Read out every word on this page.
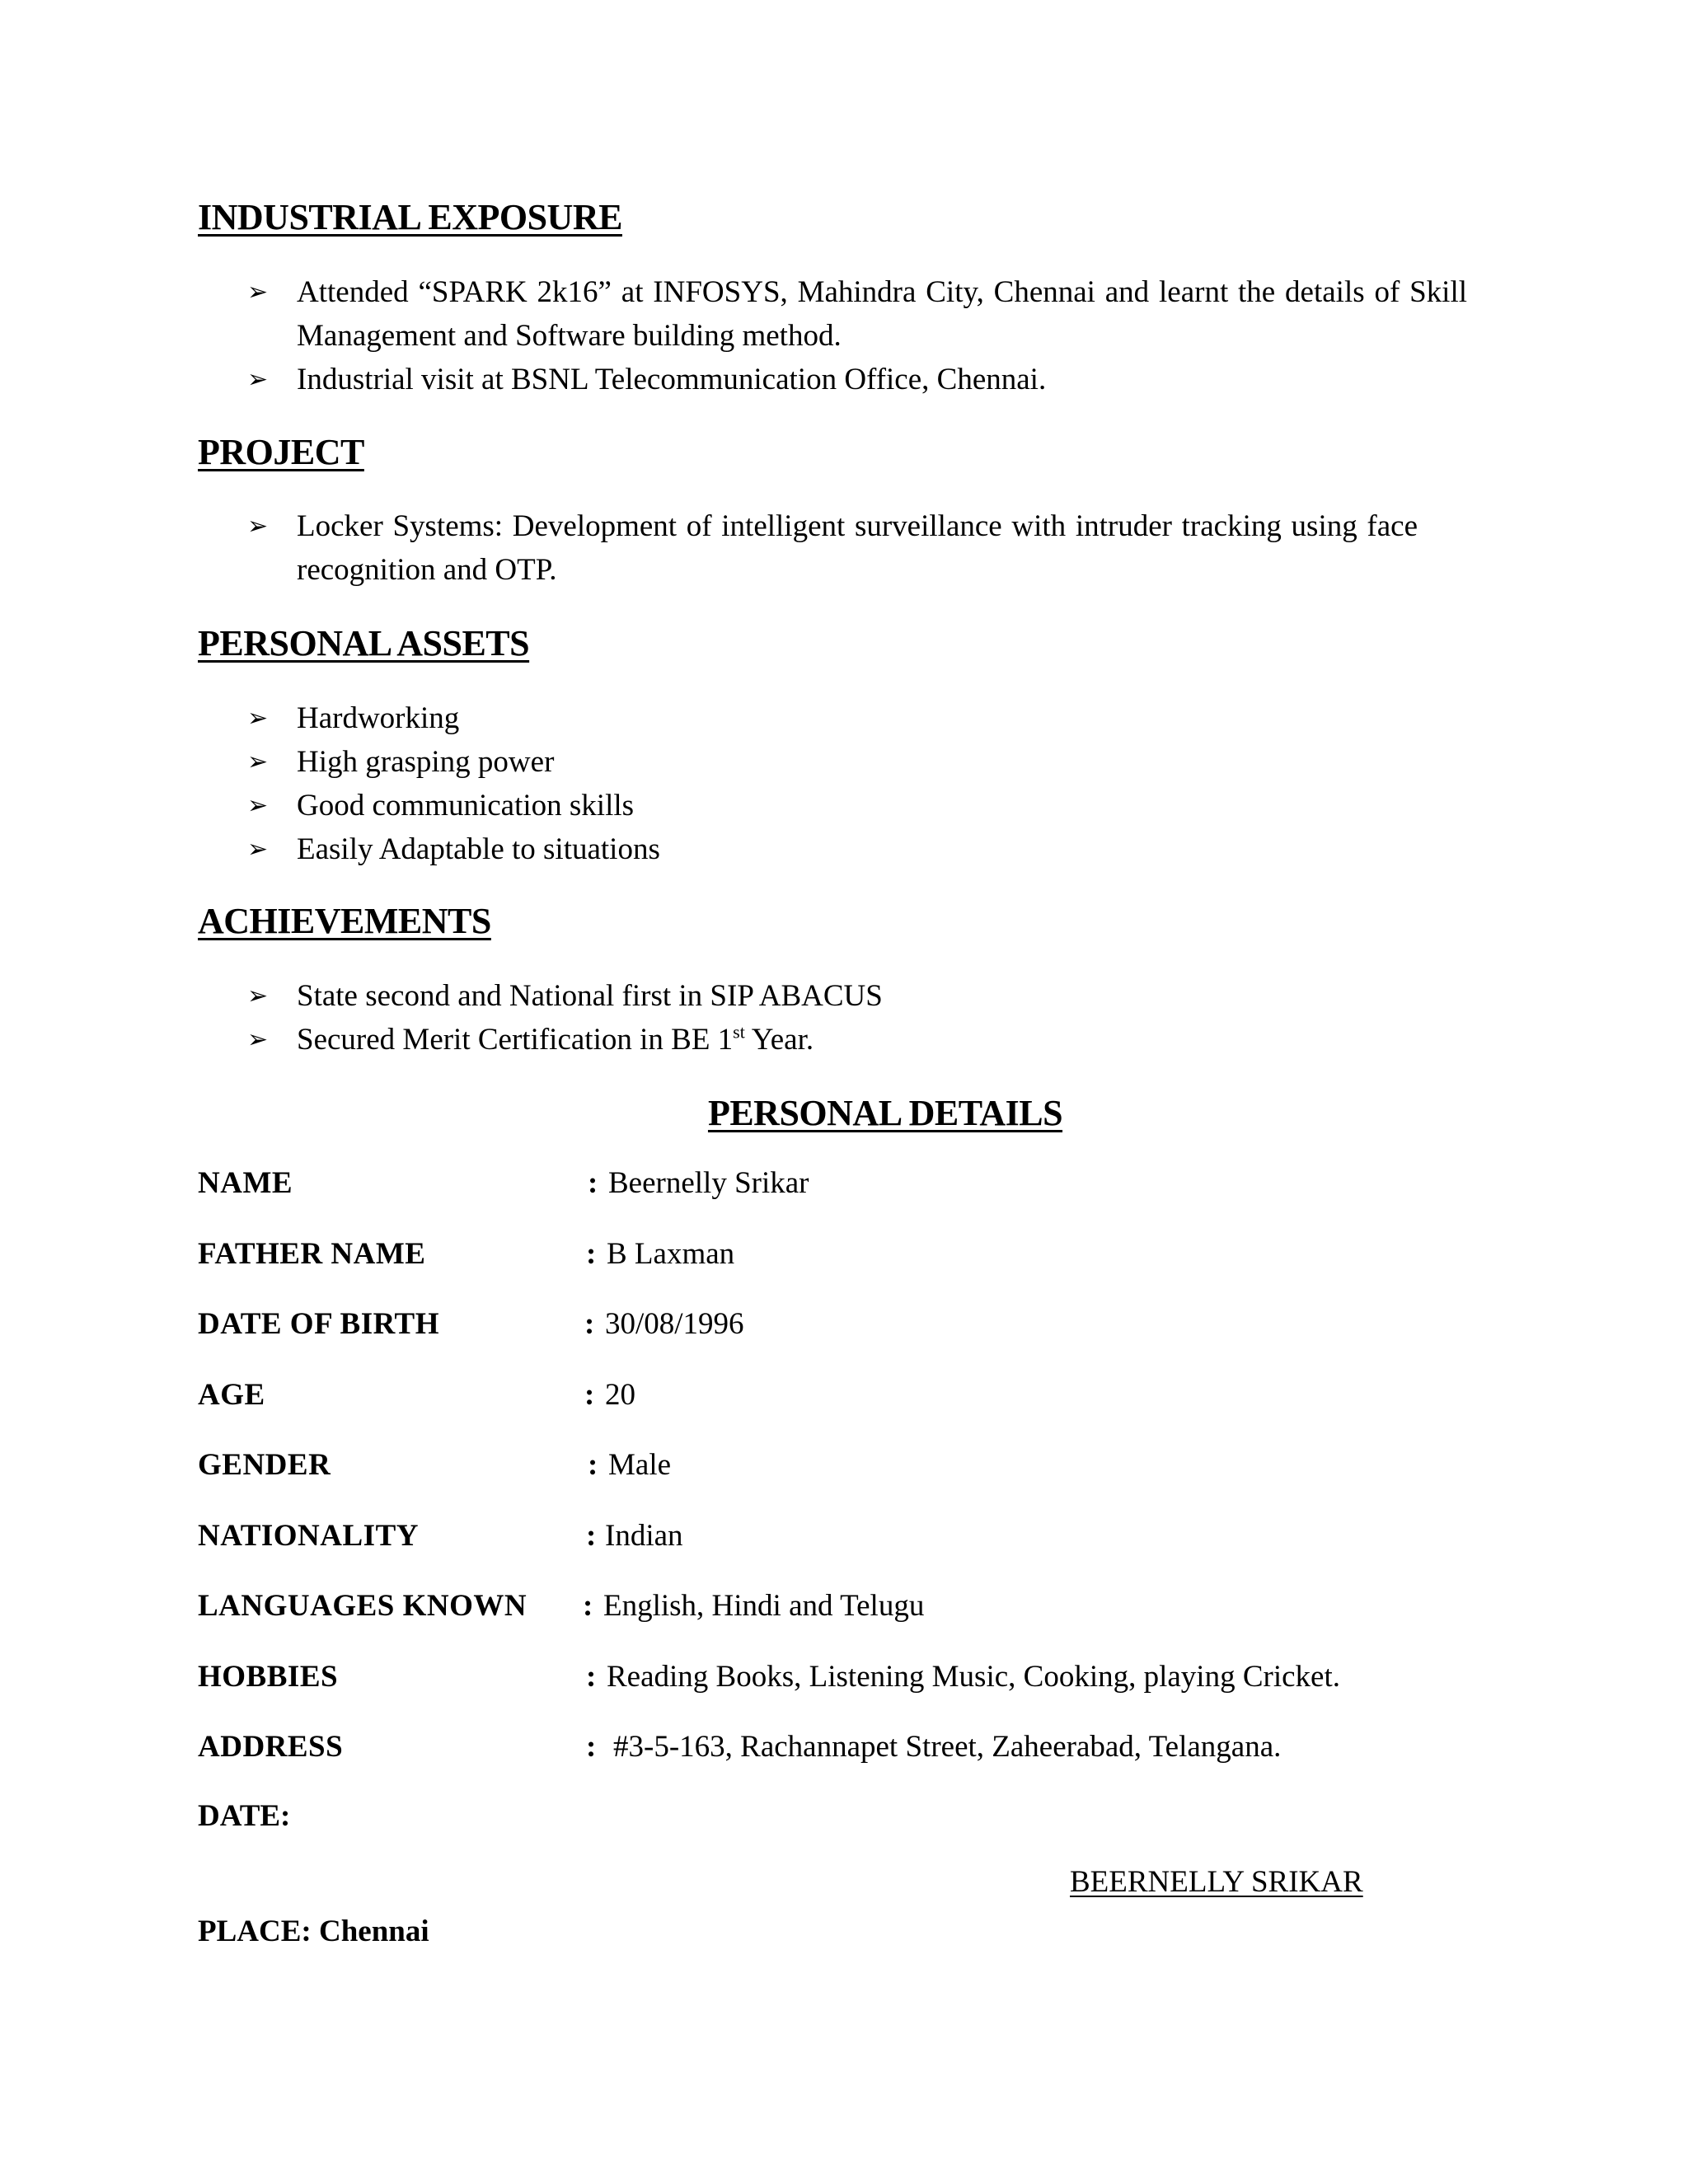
INDUSTRIAL EXPOSURE
➢ Attended “SPARK 2k16” at INFOSYS, Mahindra City, Chennai and learnt the details of Skill Management and Software building method.
➢ Industrial visit at BSNL Telecommunication Office, Chennai.
PROJECT
➢ Locker Systems: Development of intelligent surveillance with intruder tracking using face recognition and OTP.
PERSONAL ASSETS
➢ Hardworking
➢ High grasping power
➢ Good communication skills
➢ Easily Adaptable to situations
ACHIEVEMENTS
➢ State second and National first in SIP ABACUS
➢ Secured Merit Certification in BE 1st Year.
PERSONAL DETAILS
NAME	: Beernelly Srikar
FATHER NAME	: B Laxman
DATE OF BIRTH	: 30/08/1996
AGE	: 20
GENDER	: Male
NATIONALITY	: Indian
LANGUAGES KNOWN : English, Hindi and Telugu
HOBBIES	: Reading Books, Listening Music, Cooking, playing Cricket.
ADDRESS	: #3-5-163, Rachannapet Street, Zaheerabad, Telangana.
DATE:
BEERNELLY SRIKAR
PLACE: Chennai
